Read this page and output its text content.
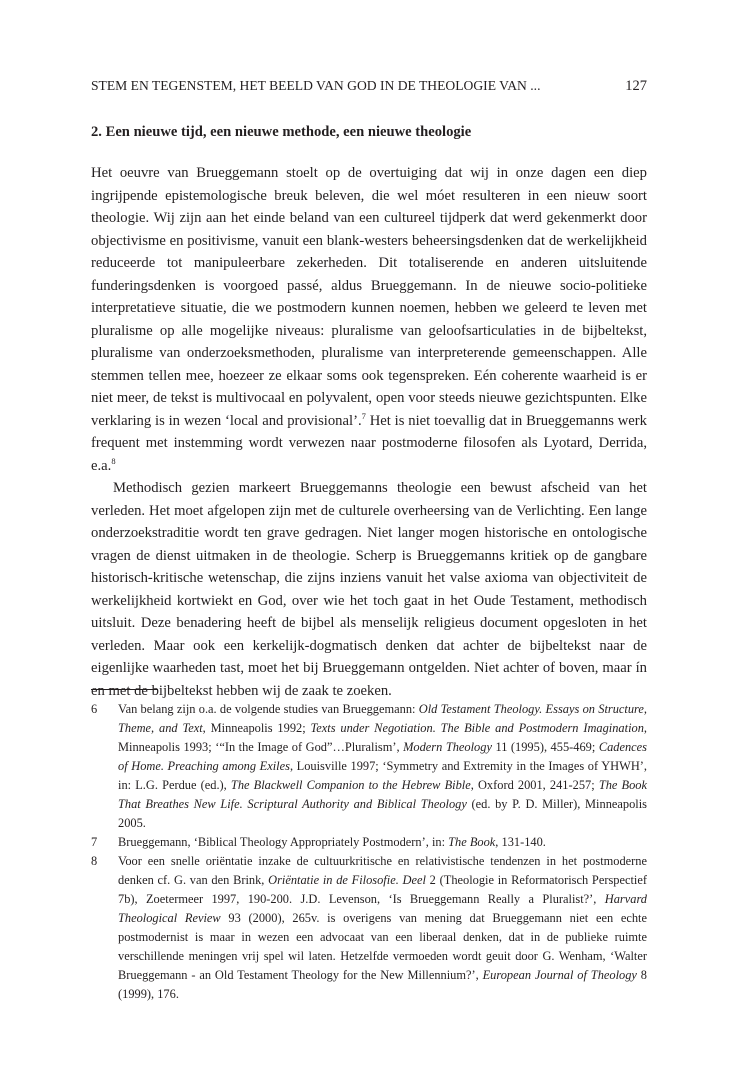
STEM EN TEGENSTEM, HET BEELD VAN GOD IN DE THEOLOGIE VAN ...	127
2. Een nieuwe tijd, een nieuwe methode, een nieuwe theologie

Het oeuvre van Brueggemann stoelt op de overtuiging dat wij in onze dagen een diep ingrijpende epistemologische breuk beleven, die wel móet resulteren in een nieuw soort theologie. Wij zijn aan het einde beland van een cultureel tijdperk dat werd gekenmerkt door objectivisme en positivisme, vanuit een blank-westers beheersingsdenken dat de werkelijkheid reduceerde tot manipuleerbare zekerheden. Dit totaliserende en anderen uitsluitende funderingsdenken is voorgoed passé, aldus Brueggemann. In de nieuwe socio-politieke interpretatieve situatie, die we postmodern kunnen noemen, hebben we geleerd te leven met pluralisme op alle mogelijke niveaus: pluralisme van geloofsarticulaties in de bijbeltekst, pluralisme van onderzoeksmethoden, pluralisme van interpreterende gemeenschappen. Alle stemmen tellen mee, hoezeer ze elkaar soms ook tegenspreken. Eén coherente waarheid is er niet meer, de tekst is multivocaal en polyvalent, open voor steeds nieuwe gezichtspunten. Elke verklaring is in wezen ‘local and provisional’.$^7$ Het is niet toevallig dat in Brueggemanns werk frequent met instemming wordt verwezen naar postmoderne filosofen als Lyotard, Derrida, e.a.$^8$

Methodisch gezien markeert Brueggemanns theologie een bewust afscheid van het verleden. Het moet afgelopen zijn met de culturele overheersing van de Verlichting. Een lange onderzoekstraditie wordt ten grave gedragen. Niet langer mogen historische en ontologische vragen de dienst uitmaken in de theologie. Scherp is Brueggemanns kritiek op de gangbare historisch-kritische wetenschap, die zijns inziens vanuit het valse axioma van objectiviteit de werkelijkheid kortwiekt en God, over wie het toch gaat in het Oude Testament, methodisch uitsluit. Deze benadering heeft de bijbel als menselijk religieus document opgesloten in het verleden. Maar ook een kerkelijk-dogmatisch denken dat achter de bijbeltekst naar de eigenlijke waarheden tast, moet het bij Brueggemann ontgelden. Niet achter of boven, maar ín en met de bijbeltekst hebben wij de zaak te zoeken.

6 Van belang zijn o.a. de volgende studies van Brueggemann: Old Testament Theology. Essays on Structure, Theme, and Text, Minneapolis 1992; Texts under Negotiation. The Bible and Postmodern Imagination, Minneapolis 1993; ‘“In the Image of God”…Pluralism’, Modern Theology 11 (1995), 455-469; Cadences of Home. Preaching among Exiles, Louisville 1997; ‘Symmetry and Extremity in the Images of YHWH’, in: L.G. Perdue (ed.), The Blackwell Companion to the Hebrew Bible, Oxford 2001, 241-257; The Book That Breathes New Life. Scriptural Authority and Biblical Theology (ed. by P. D. Miller), Minneapolis 2005.

7 Brueggemann, ‘Biblical Theology Appropriately Postmodern’, in: The Book, 131-140.

8 Voor een snelle oriëntatie inzake de cultuurkritische en relativistische tendenzen in het postmoderne denken cf. G. van den Brink, Oriëntatie in de Filosofie. Deel 2 (Theologie in Reformatorisch Perspectief 7b), Zoetermeer 1997, 190-200. J.D. Levenson, ‘Is Brueggemann Really a Pluralist?’, Harvard Theological Review 93 (2000), 265v. is overigens van mening dat Brueggemann niet een echte postmodernist is maar in wezen een advocaat van een liberaal denken, dat in de publieke ruimte verschillende meningen vrij spel wil laten. Hetzelfde vermoeden wordt geuit door G. Wenham, ‘Walter Brueggemann - an Old Testament Theology for the New Millennium?’, European Journal of Theology 8 (1999), 176.
